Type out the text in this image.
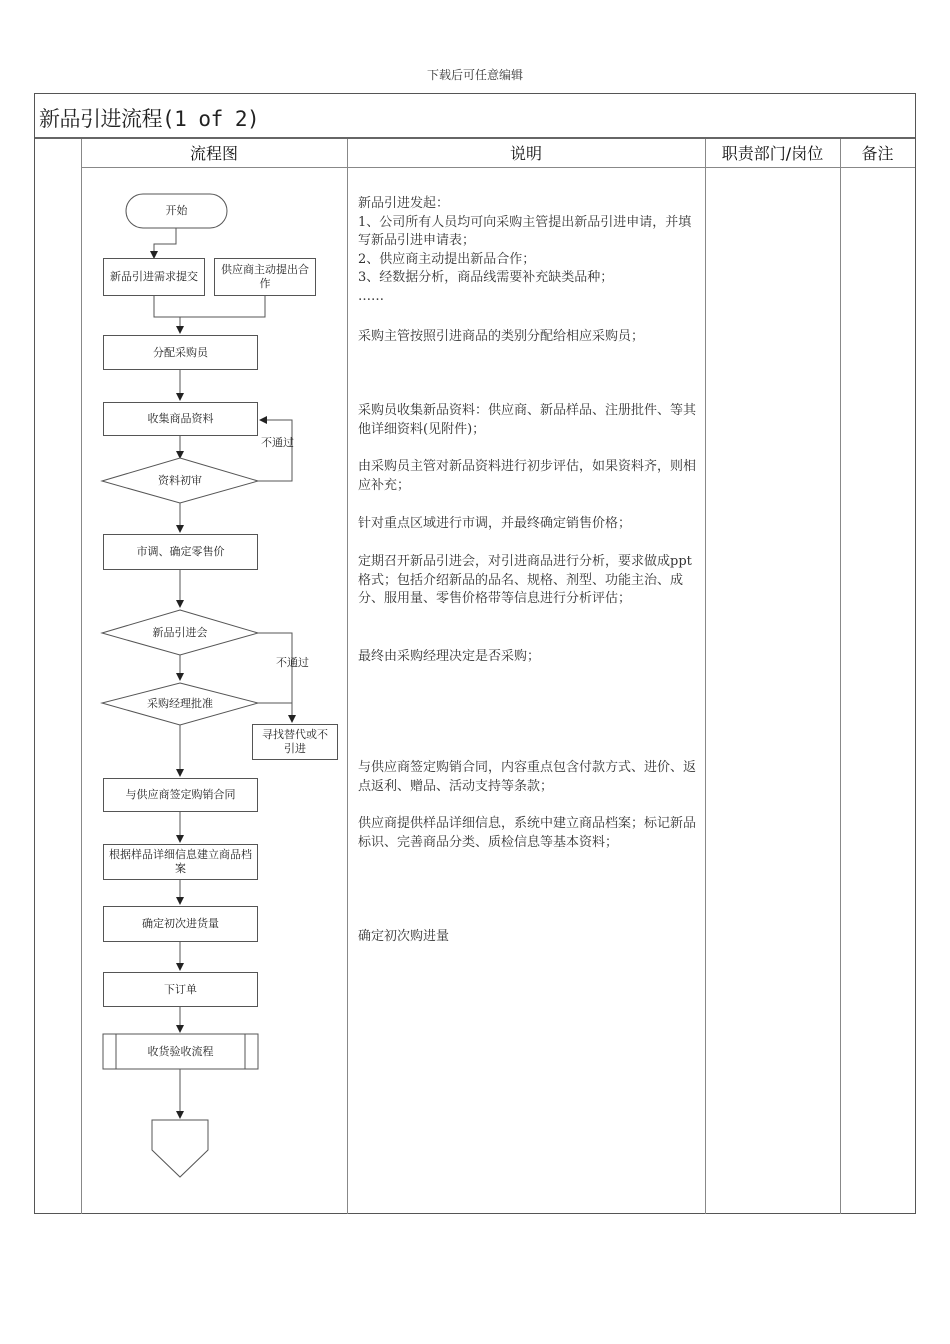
下载后可任意编辑
新品引进流程(1 of 2)
流程图	说明	职责部门/岗位	备注
开始
新品引进需求提交
供应商主动提出合作
分配采购员
收集商品资料
不通过
资料初审
市调、确定零售价
新品引进会
不通过
采购经理批准
寻找替代或不引进
与供应商签定购销合同
根据样品详细信息建立商品档案
确定初次进货量
下订单
收货验收流程
新品引进发起：
1、公司所有人员均可向采购主管提出新品引进申请，并填写新品引进申请表；
2、供应商主动提出新品合作；
3、经数据分析，商品线需要补充缺类品种；
……
采购主管按照引进商品的类别分配给相应采购员；
采购员收集新品资料：供应商、新品样品、注册批件、等其他详细资料(见附件)；
由采购员主管对新品资料进行初步评估，如果资料齐，则相应补充；
针对重点区域进行市调，并最终确定销售价格；
定期召开新品引进会，对引进商品进行分析，要求做成ppt格式；包括介绍新品的品名、规格、剂型、功能主治、成分、服用量、零售价格带等信息进行分析评估；
最终由采购经理决定是否采购；
与供应商签定购销合同，内容重点包含付款方式、进价、返点返利、赠品、活动支持等条款；
供应商提供样品详细信息，系统中建立商品档案；标记新品标识、完善商品分类、质检信息等基本资料；
确定初次购进量
